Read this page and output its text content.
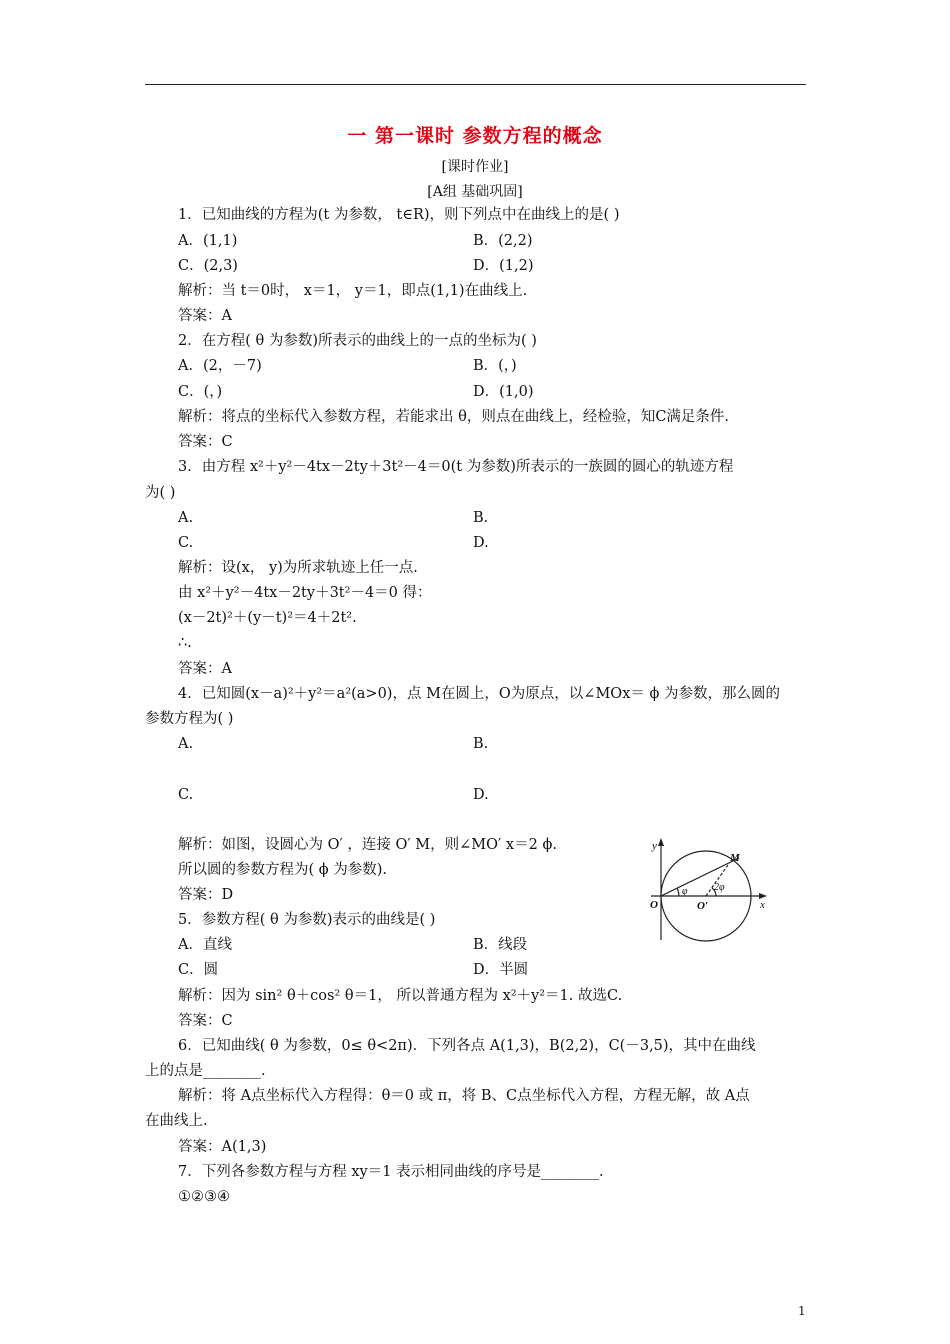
一 第一课时 参数方程的概念
[课时作业]
[A组 基础巩固]
1．已知曲线的方程为(t 为参数， t∈R)，则下列点中在曲线上的是( )
A．(1,1)	B．(2,2)
C．(2,3)	D．(1,2)
解析：当 t＝0时， x＝1， y＝1，即点(1,1)在曲线上.
答案：A
2．在方程( θ 为参数)所表示的曲线上的一点的坐标为( )
A．(2，－7)	B．(，)
C．(，)	D．(1,0)
解析：将点的坐标代入参数方程，若能求出 θ，则点在曲线上，经检验，知C满足条件.
答案：C
3．由方程 x²＋y²－4tx－2ty＋3t²－4＝0(t 为参数)所表示的一族圆的圆心的轨迹方程
为( )
A.	B.
C.	D.
解析：设(x， y)为所求轨迹上任一点.
由 x²＋y²－4tx－2ty＋3t²－4＝0 得：
(x－2t)²＋(y－t)²＝4＋2t².
∴.
答案：A
4．已知圆(x－a)²＋y²＝a²(a>0)，点 M在圆上，O为原点，以∠MOx＝ ϕ 为参数，那么圆的
参数方程为( )
A.	B.
C.	D.
解析：如图，设圆心为 O′ ，连接 O′ M，则∠MO′ x＝2 ϕ.
所以圆的参数方程为( ϕ 为参数).
答案：D
y
x
O	O′
M
φ	2φ
5．参数方程( θ 为参数)表示的曲线是( )
A．直线	B．线段
C．圆	D．半圆
解析：因为 sin² θ＋cos² θ＝1， 所以普通方程为 x²＋y²＝1. 故选C.
答案：C
6．已知曲线( θ 为参数，0≤ θ<2π)．下列各点 A(1,3)，B(2,2)，C(－3,5)，其中在曲线
上的点是________.
解析：将 A点坐标代入方程得：θ＝0 或 π，将 B、C点坐标代入方程，方程无解，故 A点
在曲线上.
答案：A(1,3)
7．下列各参数方程与方程 xy＝1 表示相同曲线的序号是________.
①②③④
1
